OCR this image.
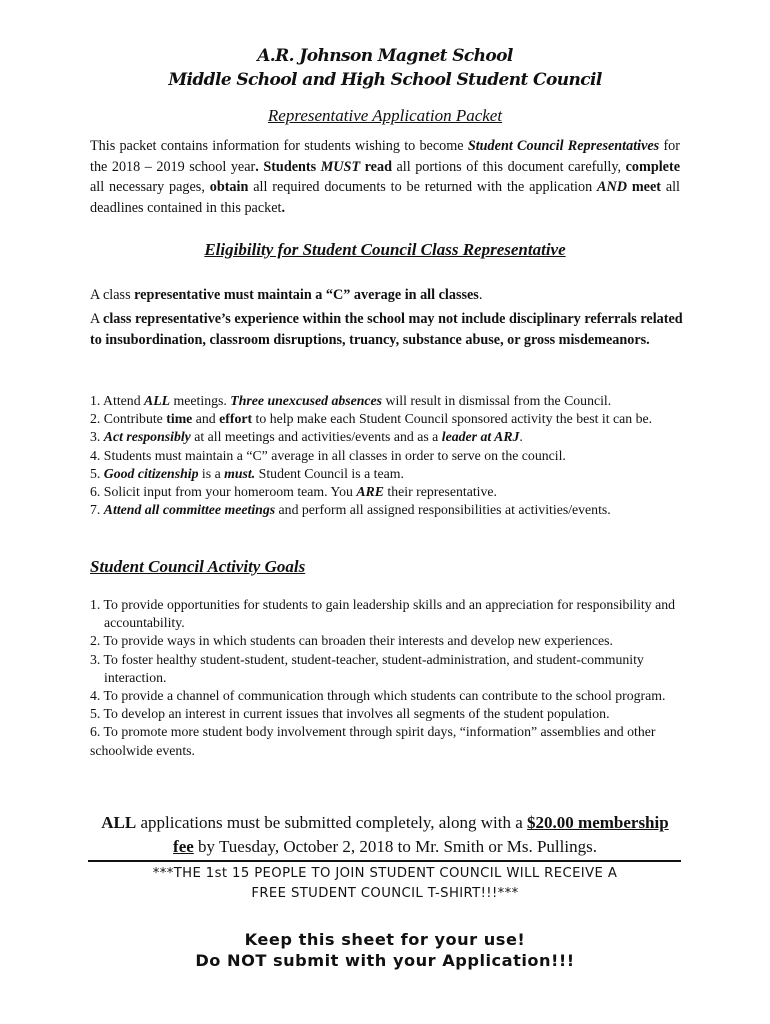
A.R. Johnson Magnet School
Middle School and High School Student Council
Representative Application Packet
This packet contains information for students wishing to become Student Council Representatives for the 2018 – 2019 school year. Students MUST read all portions of this document carefully, complete all necessary pages, obtain all required documents to be returned with the application AND meet all deadlines contained in this packet.
Eligibility for Student Council Class Representative
A class representative must maintain a “C” average in all classes.
A class representative’s experience within the school may not include disciplinary referrals related to insubordination, classroom disruptions, truancy, substance abuse, or gross misdemeanors.
1. Attend ALL meetings. Three unexcused absences will result in dismissal from the Council.
2. Contribute time and effort to help make each Student Council sponsored activity the best it can be.
3. Act responsibly at all meetings and activities/events and as a leader at ARJ.
4. Students must maintain a “C” average in all classes in order to serve on the council.
5. Good citizenship is a must. Student Council is a team.
6. Solicit input from your homeroom team. You ARE their representative.
7. Attend all committee meetings and perform all assigned responsibilities at activities/events.
Student Council Activity Goals
1. To provide opportunities for students to gain leadership skills and an appreciation for responsibility and accountability.
2. To provide ways in which students can broaden their interests and develop new experiences.
3. To foster healthy student-student, student-teacher, student-administration, and student-community interaction.
4. To provide a channel of communication through which students can contribute to the school program.
5. To develop an interest in current issues that involves all segments of the student population.
6. To promote more student body involvement through spirit days, “information” assemblies and other schoolwide events.
ALL applications must be submitted completely, along with a $20.00 membership fee by Tuesday, October 2, 2018 to Mr. Smith or Ms. Pullings.
***THE 1st 15 PEOPLE TO JOIN STUDENT COUNCIL WILL RECEIVE A
FREE STUDENT COUNCIL T-SHIRT!!!***
Keep this sheet for your use!
Do NOT submit with your Application!!!
